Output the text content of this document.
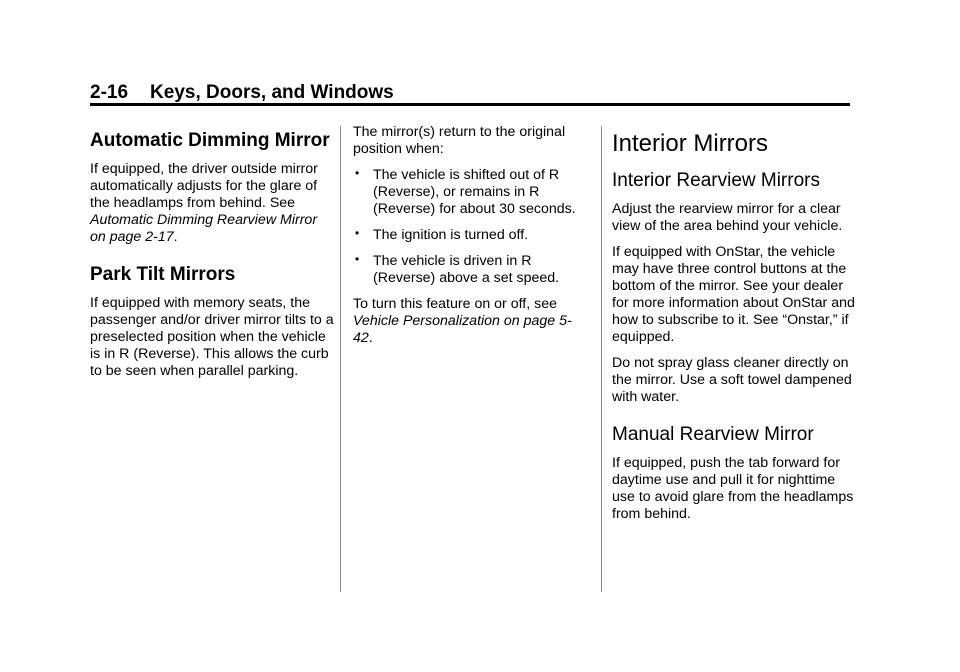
2-16 Keys, Doors, and Windows
Automatic Dimming Mirror

If equipped, the driver outside mirror automatically adjusts for the glare of the headlamps from behind. See Automatic Dimming Rearview Mirror on page 2-17.

Park Tilt Mirrors

If equipped with memory seats, the passenger and/or driver mirror tilts to a preselected position when the vehicle is in R (Reverse). This allows the curb to be seen when parallel parking.

The mirror(s) return to the original position when:

• The vehicle is shifted out of R (Reverse), or remains in R (Reverse) for about 30 seconds.
• The ignition is turned off.
• The vehicle is driven in R (Reverse) above a set speed.

To turn this feature on or off, see Vehicle Personalization on page 5-42.

Interior Mirrors
Interior Rearview Mirrors

Adjust the rearview mirror for a clear view of the area behind your vehicle.

If equipped with OnStar, the vehicle may have three control buttons at the bottom of the mirror. See your dealer for more information about OnStar and how to subscribe to it. See “Onstar,” if equipped.

Do not spray glass cleaner directly on the mirror. Use a soft towel dampened with water.

Manual Rearview Mirror

If equipped, push the tab forward for daytime use and pull it for nighttime use to avoid glare from the headlamps from behind.
